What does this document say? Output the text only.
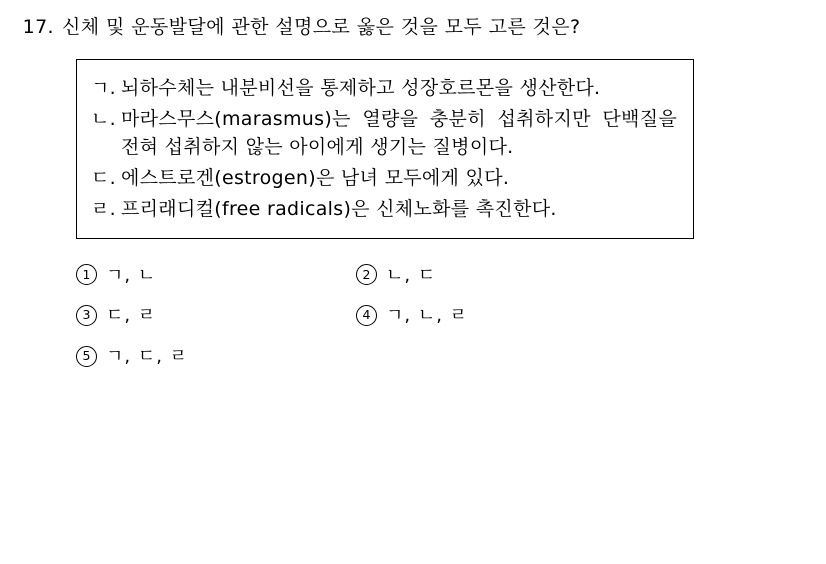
17. 신체 및 운동발달에 관한 설명으로 옳은 것을 모두 고른 것은?
ㄱ. 뇌하수체는 내분비선을 통제하고 성장호르몬을 생산한다.
ㄴ. 마라스무스(marasmus)는 열량을 충분히 섭취하지만 단백질을 전혀 섭취하지 않는 아이에게 생기는 질병이다.
ㄷ. 에스트로겐(estrogen)은 남녀 모두에게 있다.
ㄹ. 프리래디컬(free radicals)은 신체노화를 촉진한다.
1 ㄱ, ㄴ	2 ㄴ, ㄷ
3 ㄷ, ㄹ	4 ㄱ, ㄴ, ㄹ
5 ㄱ, ㄷ, ㄹ
